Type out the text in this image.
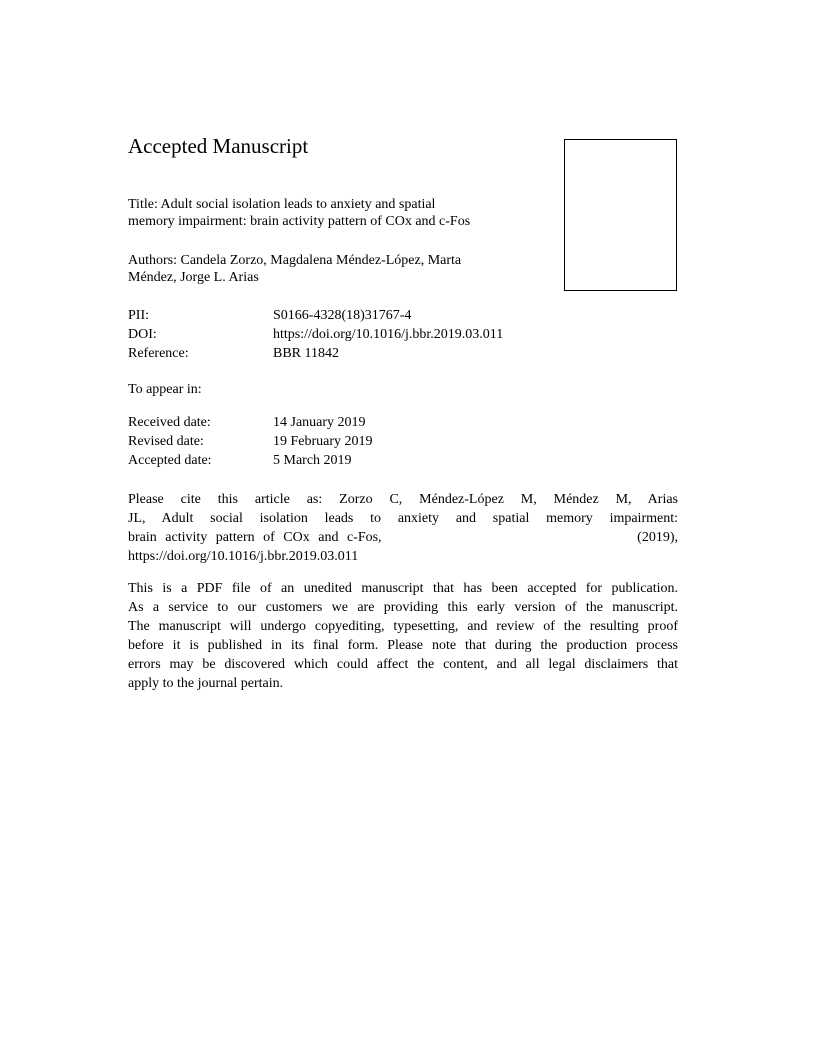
Accepted Manuscript
Title: Adult social isolation leads to anxiety and spatial
memory impairment: brain activity pattern of COx and c-Fos
Authors: Candela Zorzo, Magdalena Méndez-López, Marta
Méndez, Jorge L. Arias
PII:	S0166-4328(18)31767-4
DOI:	https://doi.org/10.1016/j.bbr.2019.03.011
Reference:	BBR 11842
To appear in:
Received date:	14 January 2019
Revised date:	19 February 2019
Accepted date:	5 March 2019
Please cite this article as: Zorzo C, Méndez-López M, Méndez M, Arias
JL, Adult social isolation leads to anxiety and spatial memory impairment:
brain activity pattern of COx and c-Fos,	(2019),
https://doi.org/10.1016/j.bbr.2019.03.011
This is a PDF file of an unedited manuscript that has been accepted for publication.
As a service to our customers we are providing this early version of the manuscript.
The manuscript will undergo copyediting, typesetting, and review of the resulting proof
before it is published in its final form. Please note that during the production process
errors may be discovered which could affect the content, and all legal disclaimers that
apply to the journal pertain.
